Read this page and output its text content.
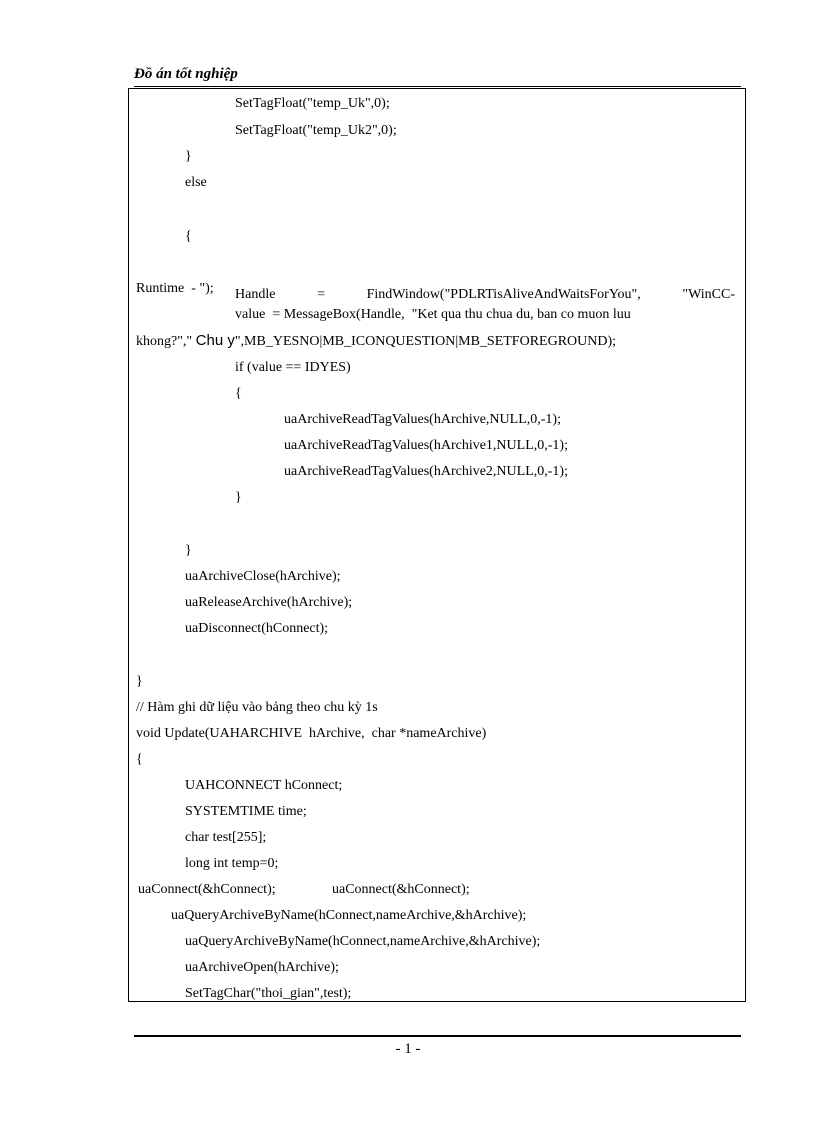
Đồ án tốt nghiệp
SetTagFloat("temp_Uk",0);
SetTagFloat("temp_Uk2",0);
}
else
{

Handle	=	FindWindow("PDLRTisAliveAndWaitsForYou",	"WinCC-

Runtime  - ");
value  = MessageBox(Handle,  "Ket qua thu chua du, ban co muon luu
khong?"," Chu y",MB_YESNO|MB_ICONQUESTION|MB_SETFOREGROUND);
if (value == IDYES)
{
uaArchiveReadTagValues(hArchive,NULL,0,-1);
uaArchiveReadTagValues(hArchive1,NULL,0,-1);
uaArchiveReadTagValues(hArchive2,NULL,0,-1);
}
}
uaArchiveClose(hArchive);
uaReleaseArchive(hArchive);
uaDisconnect(hConnect);
}
// Hàm ghi dữ liệu vào bảng theo chu kỳ 1s
void Update(UAHARCHIVE  hArchive,  char *nameArchive)
{
UAHCONNECT hConnect;
SYSTEMTIME time;
char test[255];
long int temp=0;
uaConnect(&hConnect);	uaConnect(&hConnect);
uaQueryArchiveByName(hConnect,nameArchive,&hArchive);
uaQueryArchiveByName(hConnect,nameArchive,&hArchive);
uaArchiveOpen(hArchive);
SetTagChar("thoi_gian",test);
- 1 -
